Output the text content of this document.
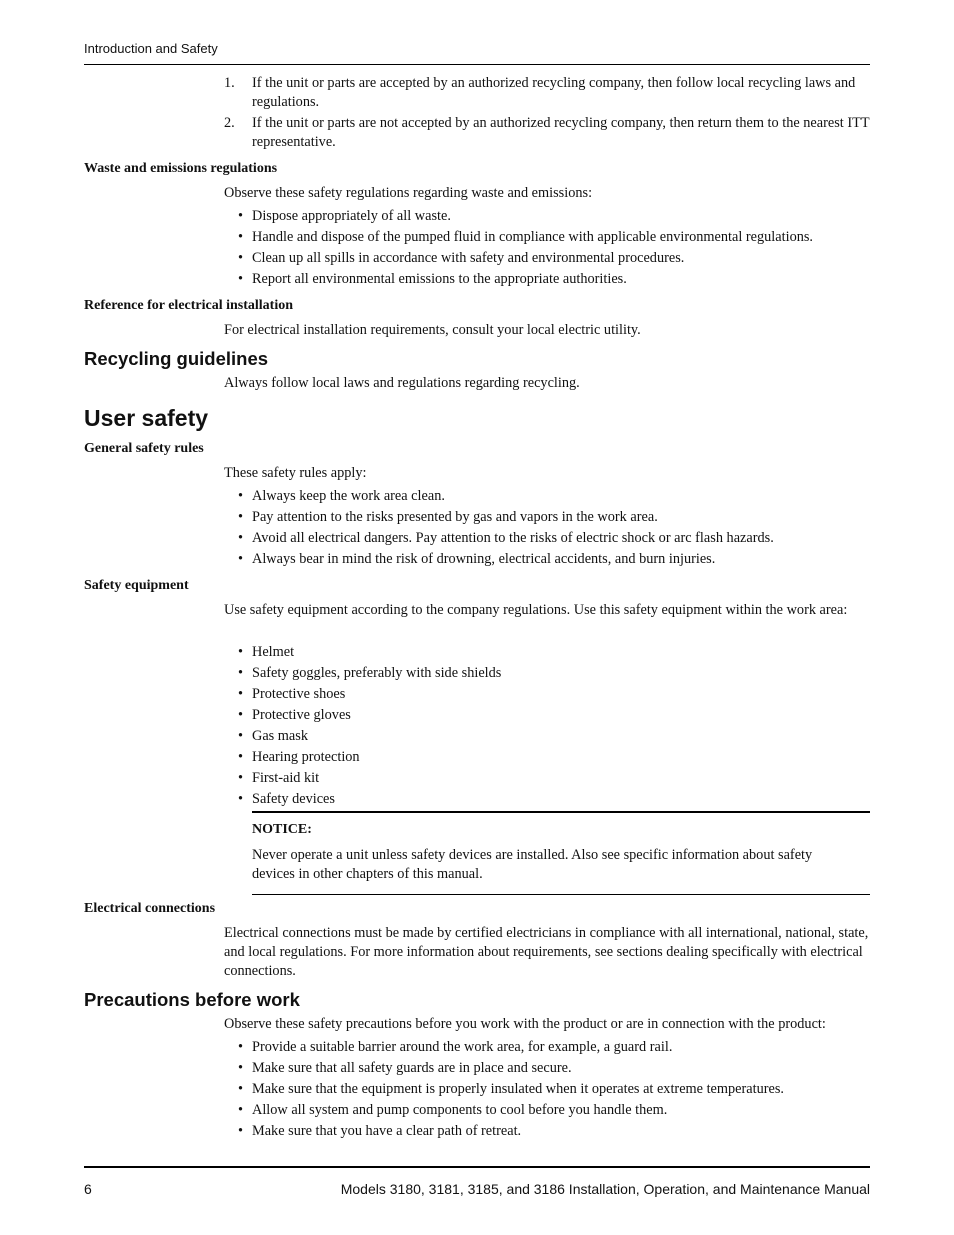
Introduction and Safety
1. If the unit or parts are accepted by an authorized recycling company, then follow local recycling laws and regulations.
2. If the unit or parts are not accepted by an authorized recycling company, then return them to the nearest ITT representative.
Waste and emissions regulations
Observe these safety regulations regarding waste and emissions:
• Dispose appropriately of all waste.
• Handle and dispose of the pumped fluid in compliance with applicable environmental regulations.
• Clean up all spills in accordance with safety and environmental procedures.
• Report all environmental emissions to the appropriate authorities.
Reference for electrical installation
For electrical installation requirements, consult your local electric utility.
Recycling guidelines
Always follow local laws and regulations regarding recycling.
User safety
General safety rules
These safety rules apply:
• Always keep the work area clean.
• Pay attention to the risks presented by gas and vapors in the work area.
• Avoid all electrical dangers. Pay attention to the risks of electric shock or arc flash hazards.
• Always bear in mind the risk of drowning, electrical accidents, and burn injuries.
Safety equipment
Use safety equipment according to the company regulations. Use this safety equipment within the work area:
• Helmet
• Safety goggles, preferably with side shields
• Protective shoes
• Protective gloves
• Gas mask
• Hearing protection
• First-aid kit
• Safety devices
NOTICE:
Never operate a unit unless safety devices are installed. Also see specific information about safety devices in other chapters of this manual.
Electrical connections
Electrical connections must be made by certified electricians in compliance with all international, national, state, and local regulations. For more information about requirements, see sections dealing specifically with electrical connections.
Precautions before work
Observe these safety precautions before you work with the product or are in connection with the product:
• Provide a suitable barrier around the work area, for example, a guard rail.
• Make sure that all safety guards are in place and secure.
• Make sure that the equipment is properly insulated when it operates at extreme temperatures.
• Allow all system and pump components to cool before you handle them.
• Make sure that you have a clear path of retreat.
6	Models 3180, 3181, 3185, and 3186 Installation, Operation, and Maintenance Manual
